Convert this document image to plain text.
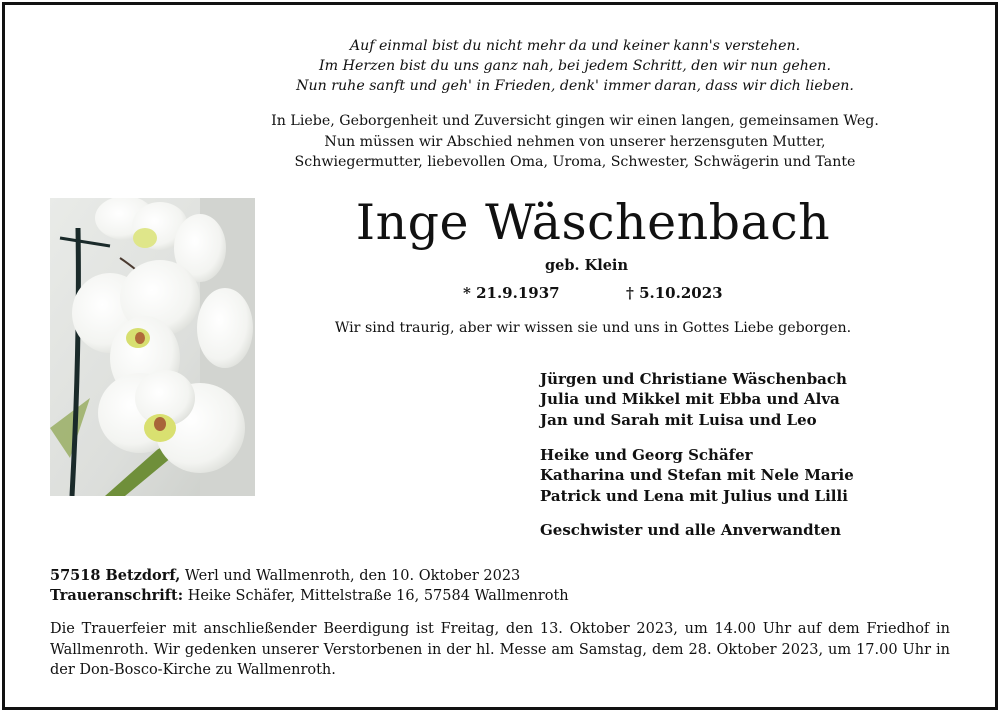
Auf einmal bist du nicht mehr da und keiner kann's verstehen.
Im Herzen bist du uns ganz nah, bei jedem Schritt, den wir nun gehen.
Nun ruhe sanft und geh' in Frieden, denk' immer daran, dass wir dich lieben.
In Liebe, Geborgenheit und Zuversicht gingen wir einen langen, gemeinsamen Weg.
Nun müssen wir Abschied nehmen von unserer herzensguten Mutter,
Schwiegermutter, liebevollen Oma, Uroma, Schwester, Schwägerin und Tante
Inge Wäschenbach
geb. Klein
* 21.9.1937	† 5.10.2023
Wir sind traurig, aber wir wissen sie und uns in Gottes Liebe geborgen.
Jürgen und Christiane Wäschenbach
Julia und Mikkel mit Ebba und Alva
Jan und Sarah mit Luisa und Leo
Heike und Georg Schäfer
Katharina und Stefan mit Nele Marie
Patrick und Lena mit Julius und Lilli
Geschwister und alle Anverwandten
57518 Betzdorf, Werl und Wallmenroth, den 10. Oktober 2023
Traueranschrift: Heike Schäfer, Mittelstraße 16, 57584 Wallmenroth
Die Trauerfeier mit anschließender Beerdigung ist Freitag, den 13. Oktober 2023, um 14.00 Uhr auf dem Friedhof in Wallmenroth. Wir gedenken unserer Verstorbenen in der hl. Messe am Samstag, dem 28. Oktober 2023, um 17.00 Uhr in der Don-Bosco-Kirche zu Wallmenroth.
